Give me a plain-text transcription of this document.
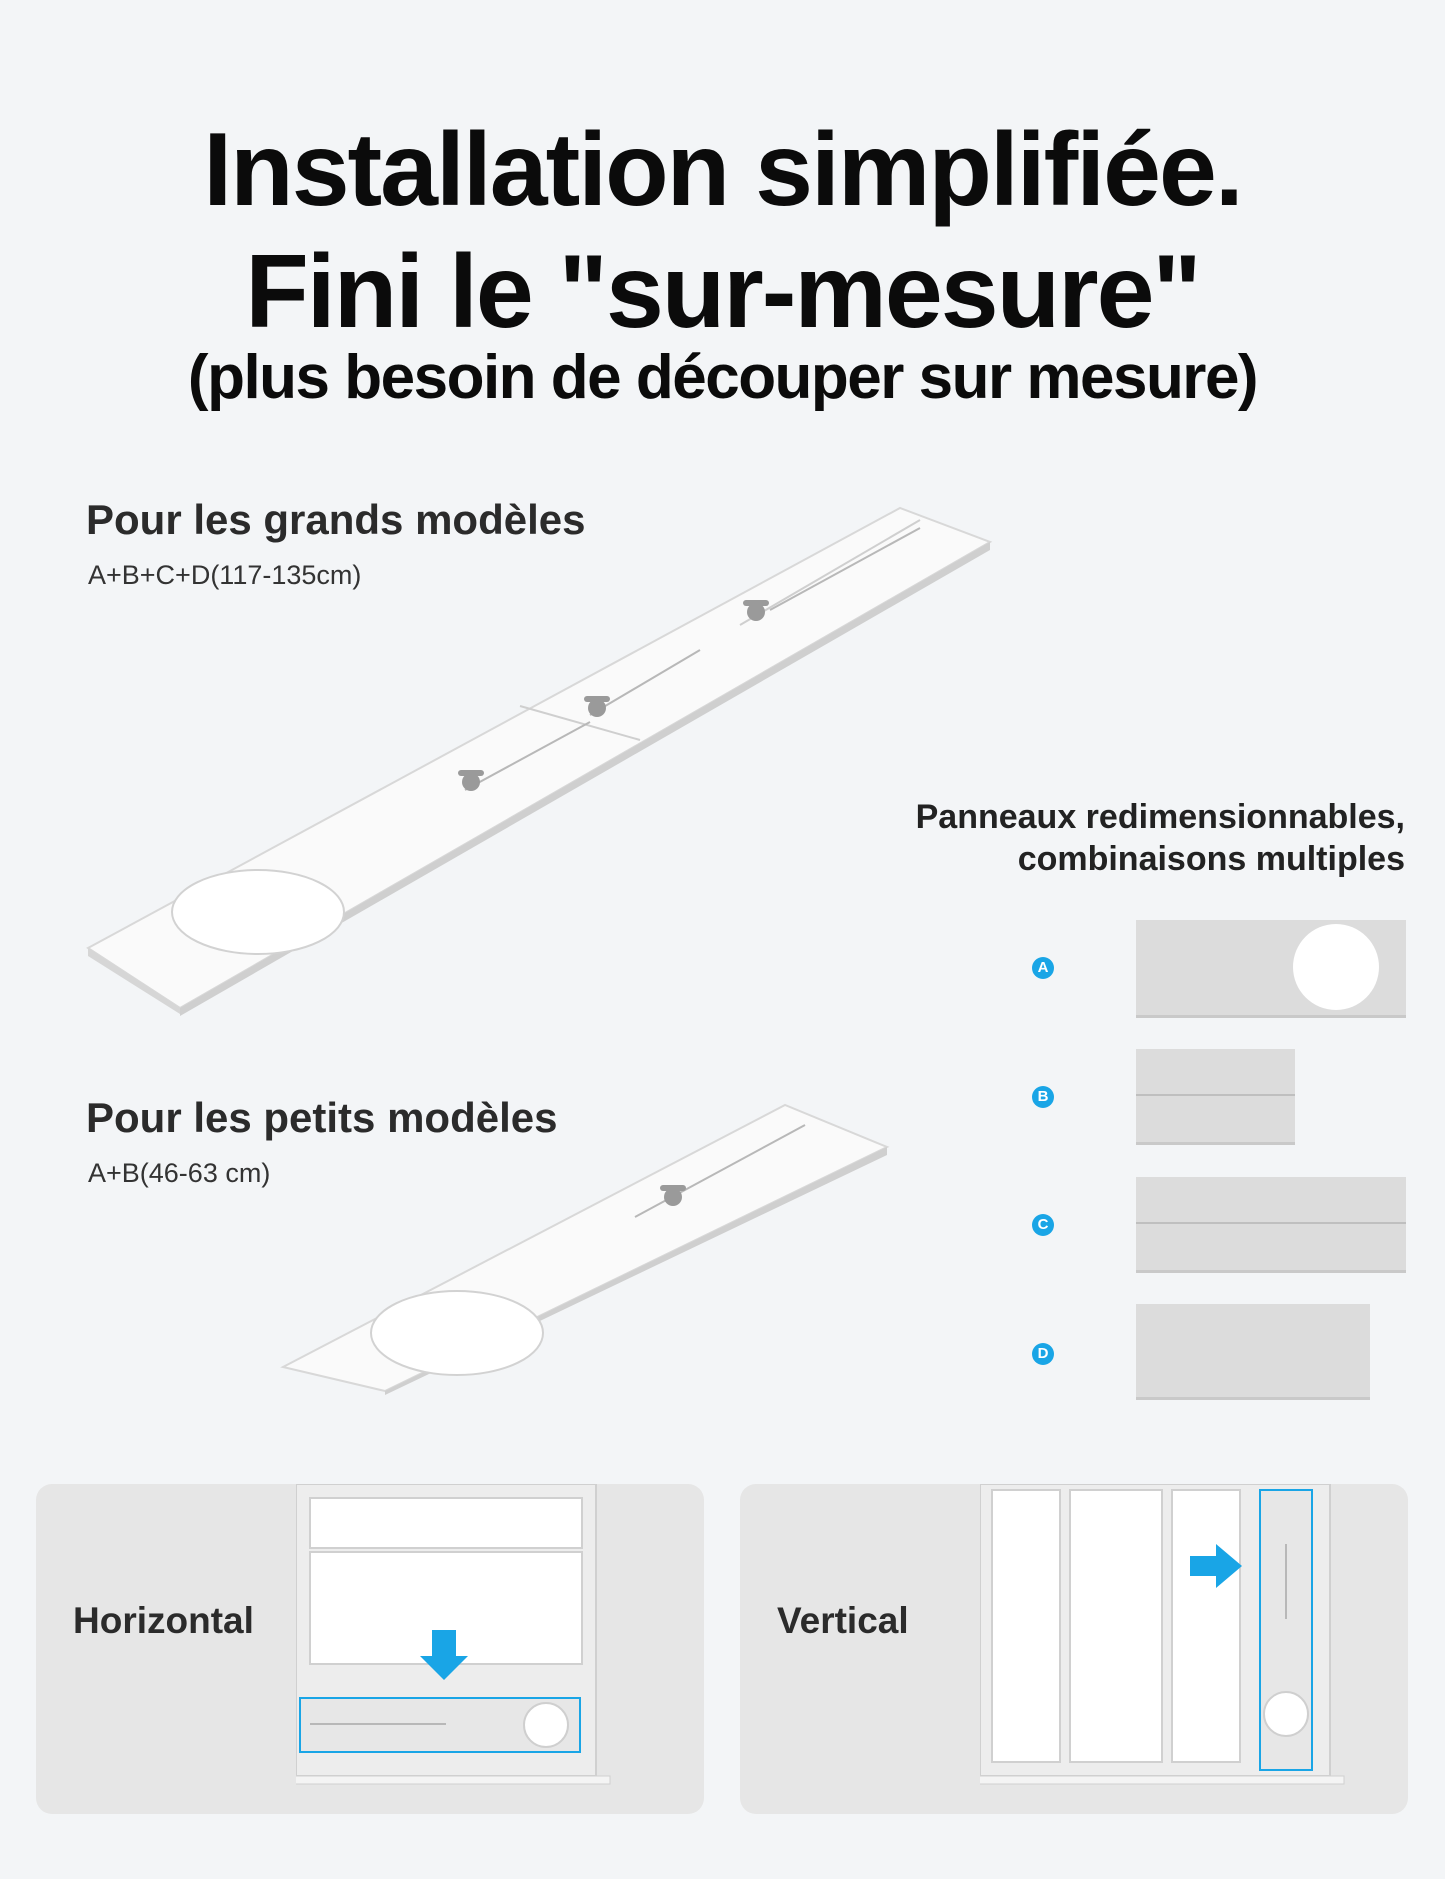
Installation simplifiée.
Fini le "sur-mesure"
(plus besoin de découper sur mesure)
Pour les grands modèles
A+B+C+D(117-135cm)
Pour les petits modèles
A+B(46-63 cm)
Panneaux redimensionnables,
combinaisons multiples
A
B
C
D
Horizontal	Vertical
